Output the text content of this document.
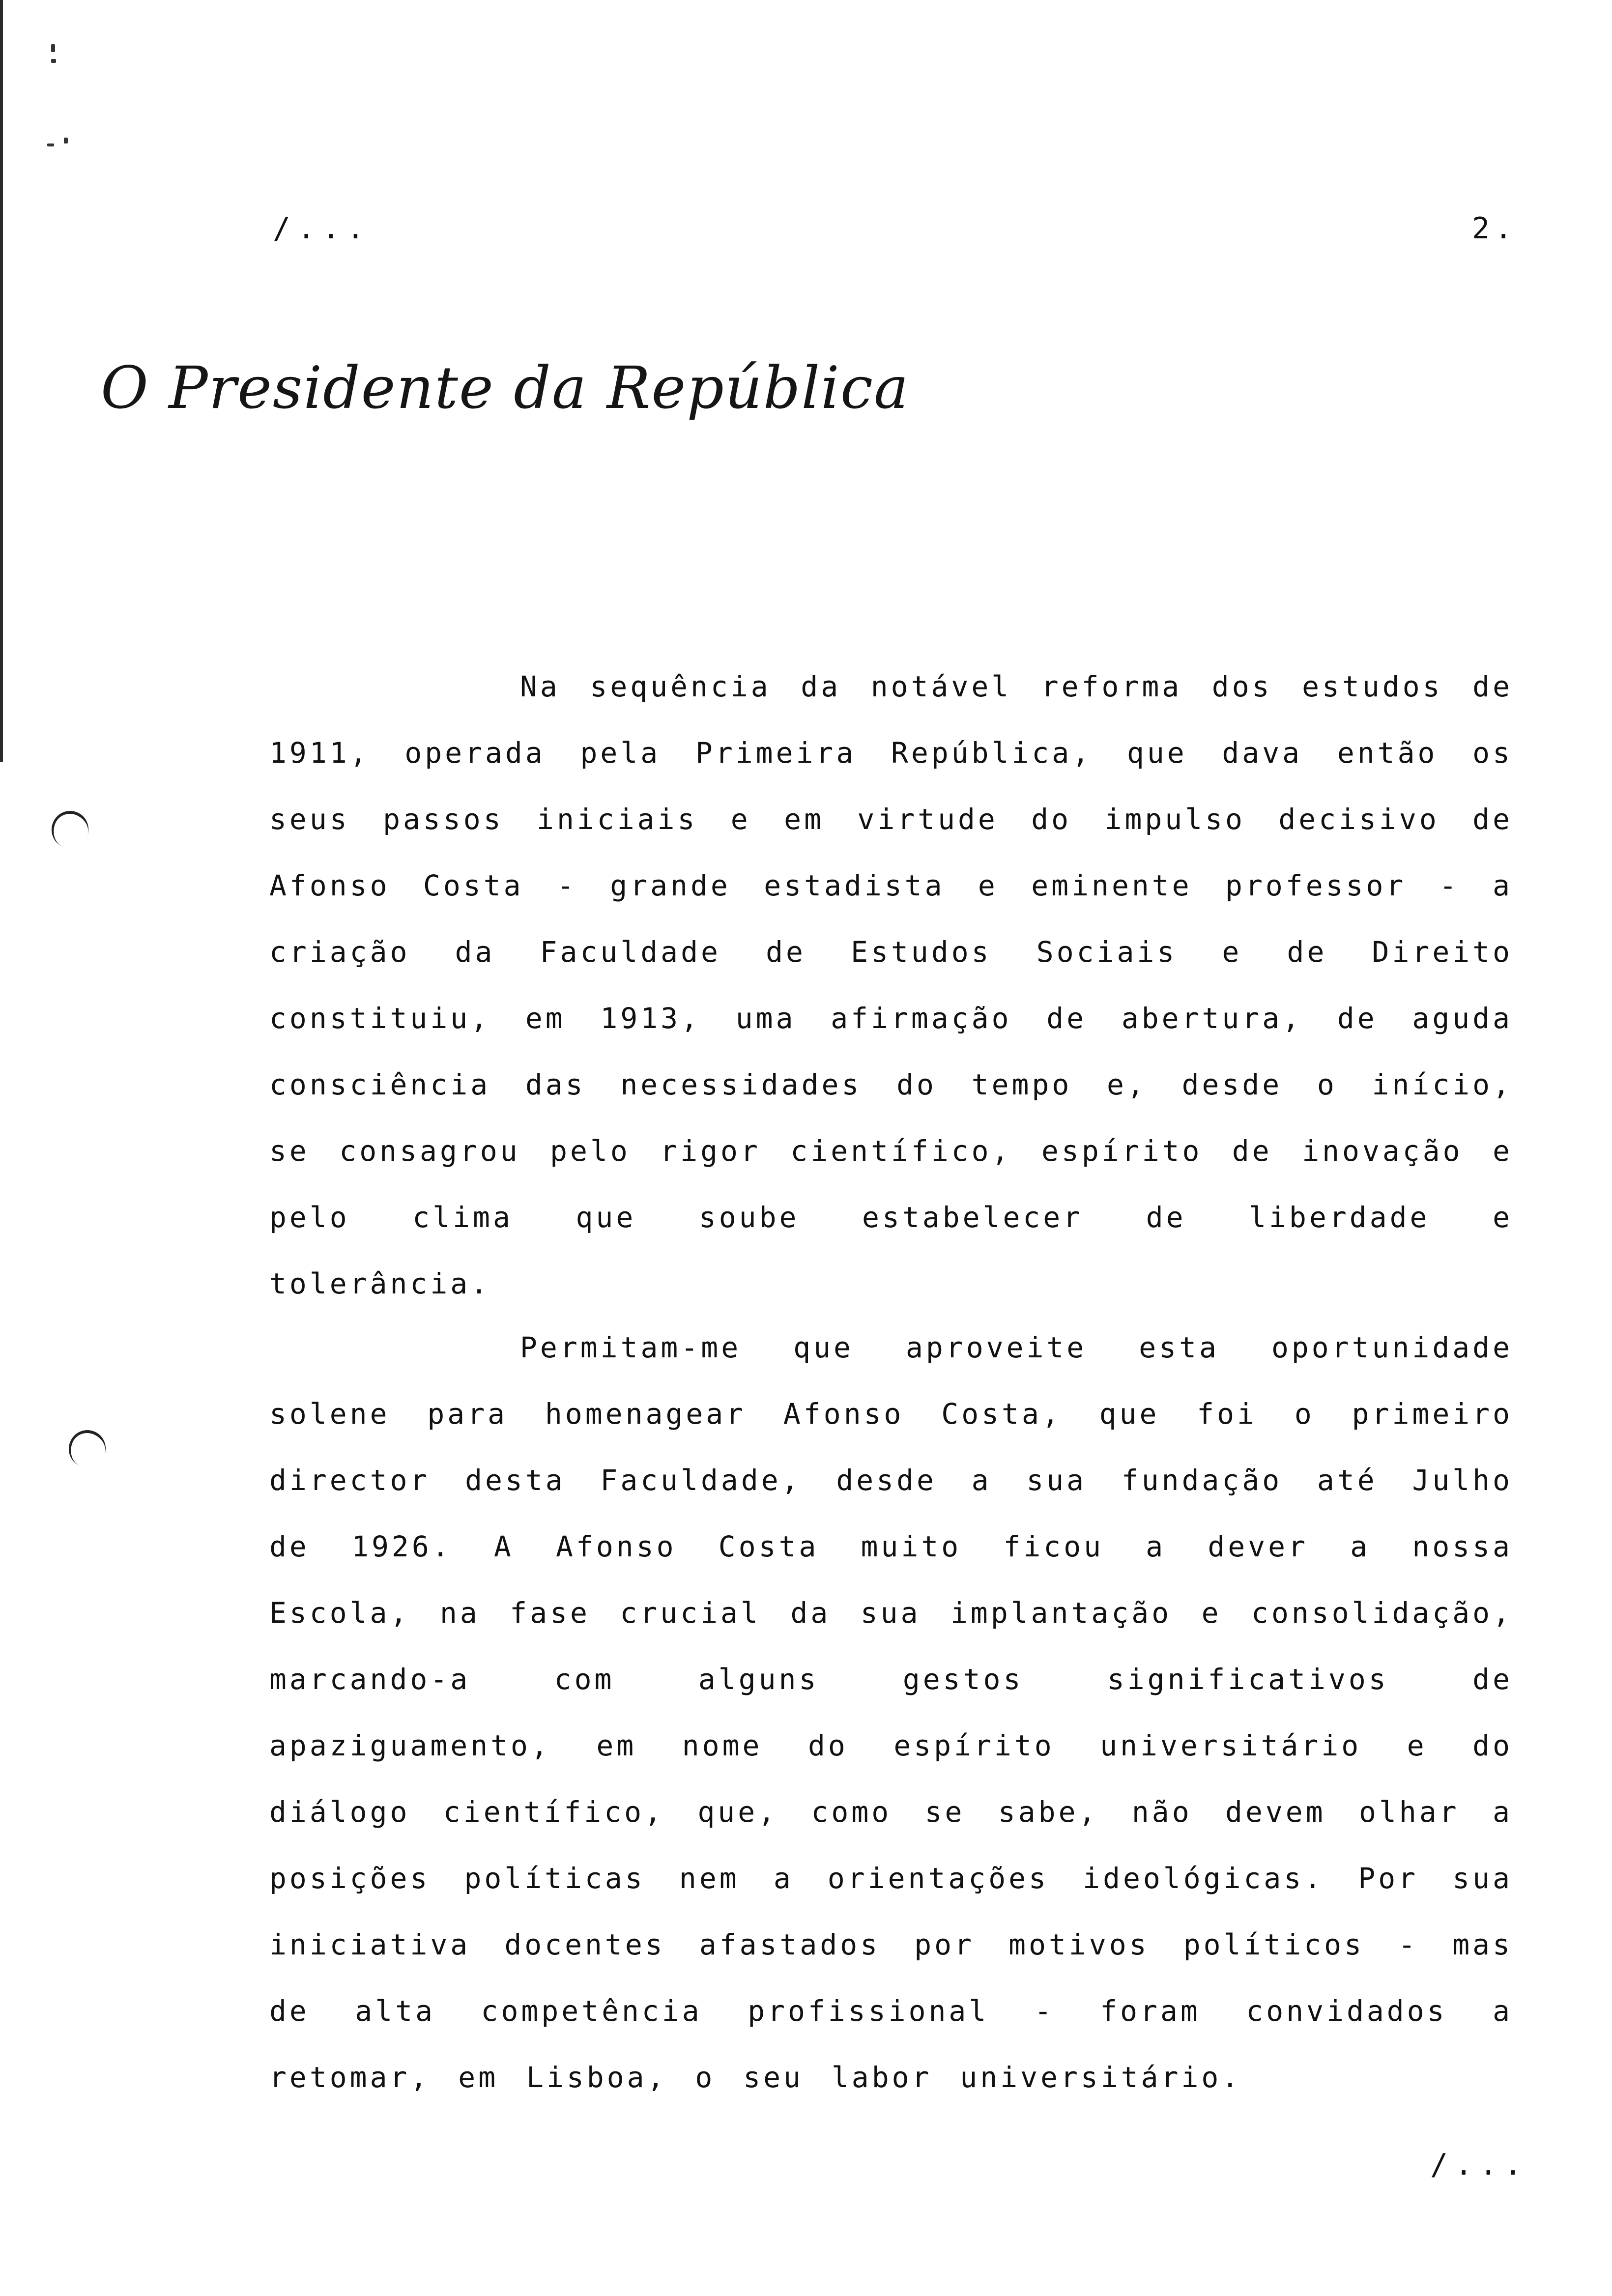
/...	2.
O Presidente da República

Na sequência da notável reforma dos estudos de 1911, operada pela Primeira República, que dava então os seus passos iniciais e em virtude do impulso decisivo de Afonso Costa - grande estadista e eminente professor - a criação da Faculdade de Estudos Sociais e de Direito constituiu, em 1913, uma afirmação de abertura, de aguda consciência das necessidades do tempo e, desde o início, se consagrou pelo rigor científico, espírito de inovação e pelo clima que soube estabelecer de liberdade e tolerância.

Permitam-me que aproveite esta oportunidade solene para homenagear Afonso Costa, que foi o primeiro director desta Faculdade, desde a sua fundação até Julho de 1926. A Afonso Costa muito ficou a dever a nossa Escola, na fase crucial da sua implantação e consolidação, marcando-a com alguns gestos significativos de apaziguamento, em nome do espírito universitário e do diálogo científico, que, como se sabe, não devem olhar a posições políticas nem a orientações ideológicas. Por sua iniciativa docentes afastados por motivos políticos - mas de alta competência profissional - foram convidados a retomar, em Lisboa, o seu labor universitário.

/...
